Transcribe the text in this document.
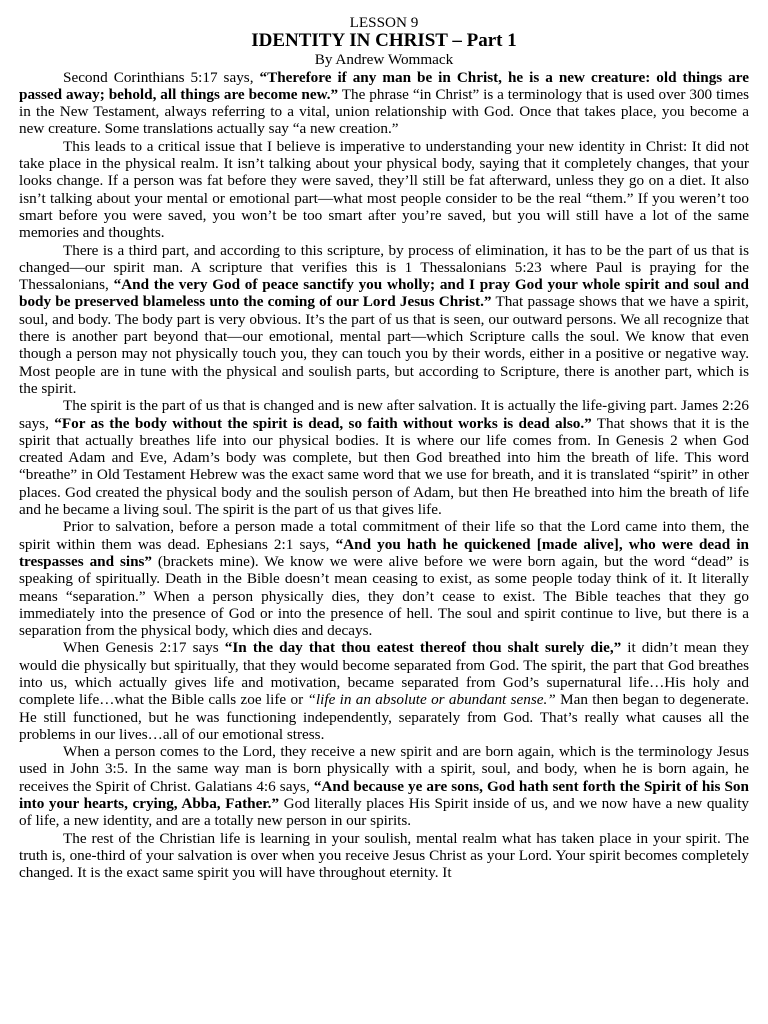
LESSON 9
IDENTITY IN CHRIST – Part 1
By Andrew Wommack

Second Corinthians 5:17 says, “Therefore if any man be in Christ, he is a new creature: old things are passed away; behold, all things are become new.” The phrase “in Christ” is a terminology that is used over 300 times in the New Testament, always referring to a vital, union relationship with God. Once that takes place, you become a new creature. Some translations actually say “a new creation.”

This leads to a critical issue that I believe is imperative to understanding your new identity in Christ: It did not take place in the physical realm. It isn’t talking about your physical body, saying that it completely changes, that your looks change. If a person was fat before they were saved, they’ll still be fat afterward, unless they go on a diet. It also isn’t talking about your mental or emotional part—what most people consider to be the real “them.” If you weren’t too smart before you were saved, you won’t be too smart after you’re saved, but you will still have a lot of the same memories and thoughts.

There is a third part, and according to this scripture, by process of elimination, it has to be the part of us that is changed—our spirit man. A scripture that verifies this is 1 Thessalonians 5:23 where Paul is praying for the Thessalonians, “And the very God of peace sanctify you wholly; and I pray God your whole spirit and soul and body be preserved blameless unto the coming of our Lord Jesus Christ.” That passage shows that we have a spirit, soul, and body. The body part is very obvious. It’s the part of us that is seen, our outward persons. We all recognize that there is another part beyond that—our emotional, mental part—which Scripture calls the soul. We know that even though a person may not physically touch you, they can touch you by their words, either in a positive or negative way. Most people are in tune with the physical and soulish parts, but according to Scripture, there is another part, which is the spirit.

The spirit is the part of us that is changed and is new after salvation. It is actually the life-giving part. James 2:26 says, “For as the body without the spirit is dead, so faith without works is dead also.” That shows that it is the spirit that actually breathes life into our physical bodies. It is where our life comes from. In Genesis 2 when God created Adam and Eve, Adam’s body was complete, but then God breathed into him the breath of life. This word “breathe” in Old Testament Hebrew was the exact same word that we use for breath, and it is translated “spirit” in other places. God created the physical body and the soulish person of Adam, but then He breathed into him the breath of life and he became a living soul. The spirit is the part of us that gives life.

Prior to salvation, before a person made a total commitment of their life so that the Lord came into them, the spirit within them was dead. Ephesians 2:1 says, “And you hath he quickened [made alive], who were dead in trespasses and sins” (brackets mine). We know we were alive before we were born again, but the word “dead” is speaking of spiritually. Death in the Bible doesn’t mean ceasing to exist, as some people today think of it. It literally means “separation.” When a person physically dies, they don’t cease to exist. The Bible teaches that they go immediately into the presence of God or into the presence of hell. The soul and spirit continue to live, but there is a separation from the physical body, which dies and decays.

When Genesis 2:17 says “In the day that thou eatest thereof thou shalt surely die,” it didn’t mean they would die physically but spiritually, that they would become separated from God. The spirit, the part that God breathes into us, which actually gives life and motivation, became separated from God’s supernatural life…His holy and complete life…what the Bible calls zoe life or “life in an absolute or abundant sense.” Man then began to degenerate. He still functioned, but he was functioning independently, separately from God. That’s really what causes all the problems in our lives…all of our emotional stress.

When a person comes to the Lord, they receive a new spirit and are born again, which is the terminology Jesus used in John 3:5. In the same way man is born physically with a spirit, soul, and body, when he is born again, he receives the Spirit of Christ. Galatians 4:6 says, “And because ye are sons, God hath sent forth the Spirit of his Son into your hearts, crying, Abba, Father.” God literally places His Spirit inside of us, and we now have a new quality of life, a new identity, and are a totally new person in our spirits.

The rest of the Christian life is learning in your soulish, mental realm what has taken place in your spirit. The truth is, one-third of your salvation is over when you receive Jesus Christ as your Lord. Your spirit becomes completely changed. It is the exact same spirit you will have throughout eternity. It
